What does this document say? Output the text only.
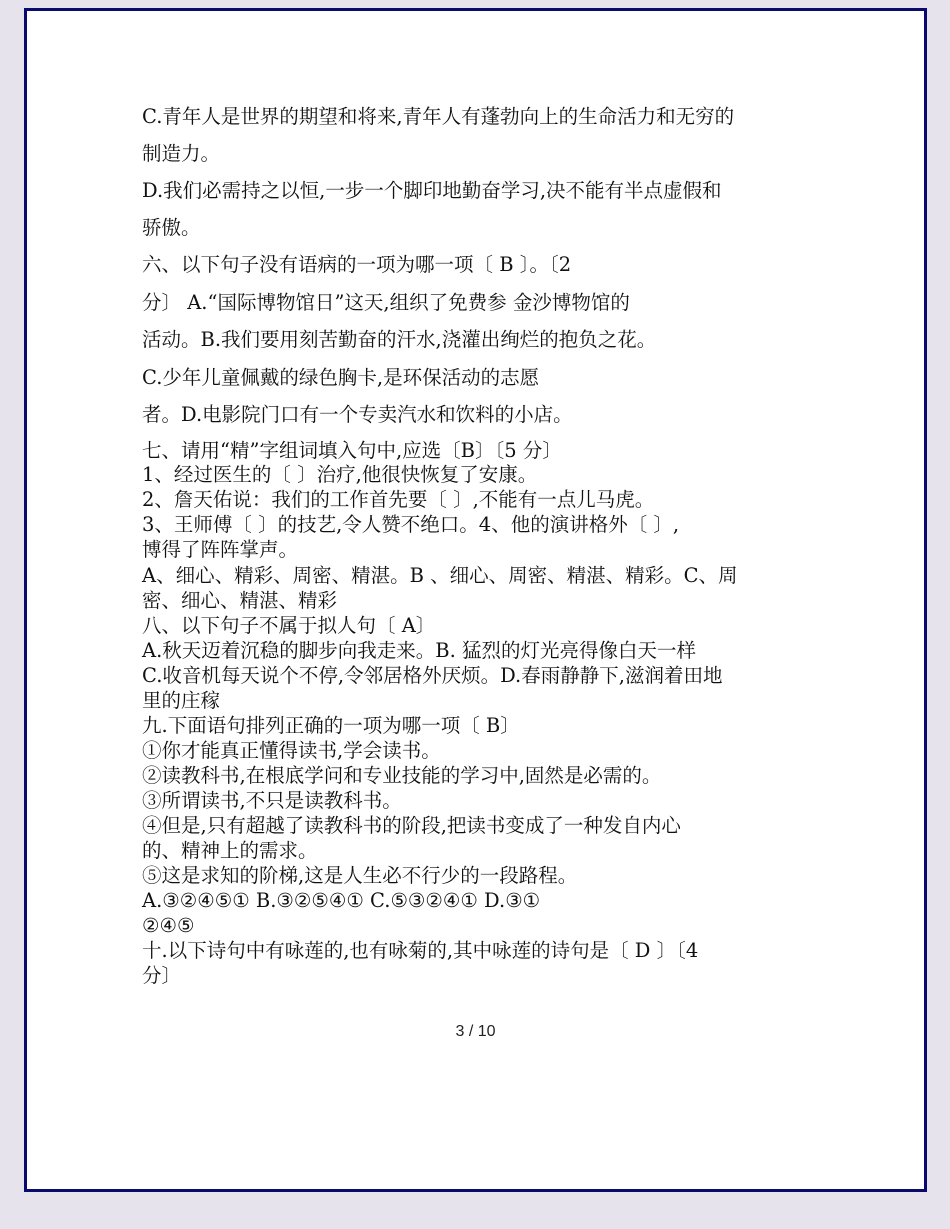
C.青年人是世界的期望和将来,青年人有蓬勃向上的生命活力和无穷的
制造力。
D.我们必需持之以恒,一步一个脚印地勤奋学习,决不能有半点虚假和
骄傲。
六、以下句子没有语病的一项为哪一项〔 B 〕。〔2
分〕 A.“国际博物馆日”这天,组织了免费参 金沙博物馆的
活动。B.我们要用刻苦勤奋的汗水,浇灌出绚烂的抱负之花。
C.少年儿童佩戴的绿色胸卡,是环保活动的志愿
者。D.电影院门口有一个专卖汽水和饮料的小店。
七、请用“精”字组词填入句中,应选〔B〕〔5 分〕
1、经过医生的〔 〕治疗,他很快恢复了安康。
2、詹天佑说：我们的工作首先要〔 〕,不能有一点儿马虎。
3、王师傅〔 〕的技艺,令人赞不绝口。4、他的演讲格外〔 〕,
博得了阵阵掌声。
A、细心、精彩、周密、精湛。B 、细心、周密、精湛、精彩。C、周
密、细心、精湛、精彩
八、以下句子不属于拟人句〔 A〕
A.秋天迈着沉稳的脚步向我走来。B. 猛烈的灯光亮得像白天一样
C.收音机每天说个不停,令邻居格外厌烦。D.春雨静静下,滋润着田地
里的庄稼
九.下面语句排列正确的一项为哪一项〔 B〕
①你才能真正懂得读书,学会读书。
②读教科书,在根底学问和专业技能的学习中,固然是必需的。
③所谓读书,不只是读教科书。
④但是,只有超越了读教科书的阶段,把读书变成了一种发自内心
的、精神上的需求。
⑤这是求知的阶梯,这是人生必不行少的一段路程。
A.③②④⑤① B.③②⑤④① C.⑤③②④① D.③①
②④⑤
十.以下诗句中有咏莲的,也有咏菊的,其中咏莲的诗句是〔 D 〕〔4
分〕
3 / 10
